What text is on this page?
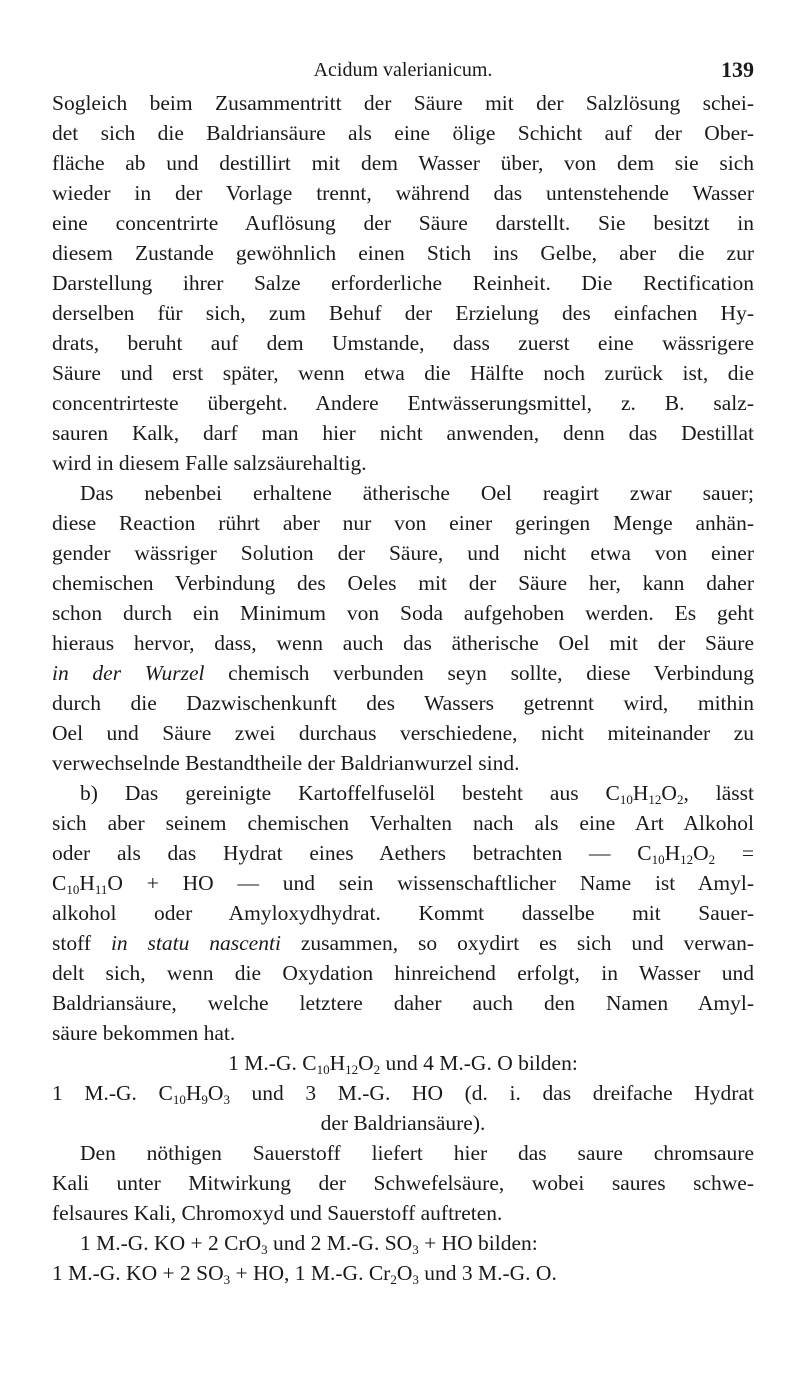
Acidum valerianicum.	139
Sogleich beim Zusammentritt der Säure mit der Salzlösung schei-
det sich die Baldriansäure als eine ölige Schicht auf der Ober-
fläche ab und destillirt mit dem Wasser über, von dem sie sich
wieder in der Vorlage trennt, während das untenstehende Wasser
eine concentrirte Auflösung der Säure darstellt. Sie besitzt in
diesem Zustande gewöhnlich einen Stich ins Gelbe, aber die zur
Darstellung ihrer Salze erforderliche Reinheit. Die Rectification
derselben für sich, zum Behuf der Erzielung des einfachen Hy-
drats, beruht auf dem Umstande, dass zuerst eine wässrigere
Säure und erst später, wenn etwa die Hälfte noch zurück ist, die
concentrirteste übergeht. Andere Entwässerungsmittel, z. B. salz-
sauren Kalk, darf man hier nicht anwenden, denn das Destillat
wird in diesem Falle salzsäurehaltig.
Das nebenbei erhaltene ätherische Oel reagirt zwar sauer;
diese Reaction rührt aber nur von einer geringen Menge anhän-
gender wässriger Solution der Säure, und nicht etwa von einer
chemischen Verbindung des Oeles mit der Säure her, kann daher
schon durch ein Minimum von Soda aufgehoben werden. Es geht
hieraus hervor, dass, wenn auch das ätherische Oel mit der Säure
in der Wurzel chemisch verbunden seyn sollte, diese Verbindung
durch die Dazwischenkunft des Wassers getrennt wird, mithin
Oel und Säure zwei durchaus verschiedene, nicht miteinander zu
verwechselnde Bestandtheile der Baldrianwurzel sind.
b) Das gereinigte Kartoffelfuselöl besteht aus $C_{10}H_{12}O_2$, lässt
sich aber seinem chemischen Verhalten nach als eine Art Alkohol
oder als das Hydrat eines Aethers betrachten — $C_{10}H_{12}O_2$ =
$C_{10}H_{11}O$ + HO — und sein wissenschaftlicher Name ist Amyl-
alkohol oder Amyloxydhydrat. Kommt dasselbe mit Sauer-
stoff in statu nascenti zusammen, so oxydirt es sich und verwan-
delt sich, wenn die Oxydation hinreichend erfolgt, in Wasser und
Baldriansäure, welche letztere daher auch den Namen Amyl-
säure bekommen hat.
1 M.-G. $C_{10}H_{12}O_2$ und 4 M.-G. O bilden:
1 M.-G. $C_{10}H_9O_3$ und 3 M.-G. HO (d. i. das dreifache Hydrat
der Baldriansäure).
Den nöthigen Sauerstoff liefert hier das saure chromsaure
Kali unter Mitwirkung der Schwefelsäure, wobei saures schwe-
felsaures Kali, Chromoxyd und Sauerstoff auftreten.
1 M.-G. KO + 2 CrO$_3$ und 2 M.-G. $SO_3$ + HO bilden:
1 M.-G. KO + 2 $SO_3$ + HO, 1 M.-G. $Cr_2O_3$ und 3 M.-G. O.
